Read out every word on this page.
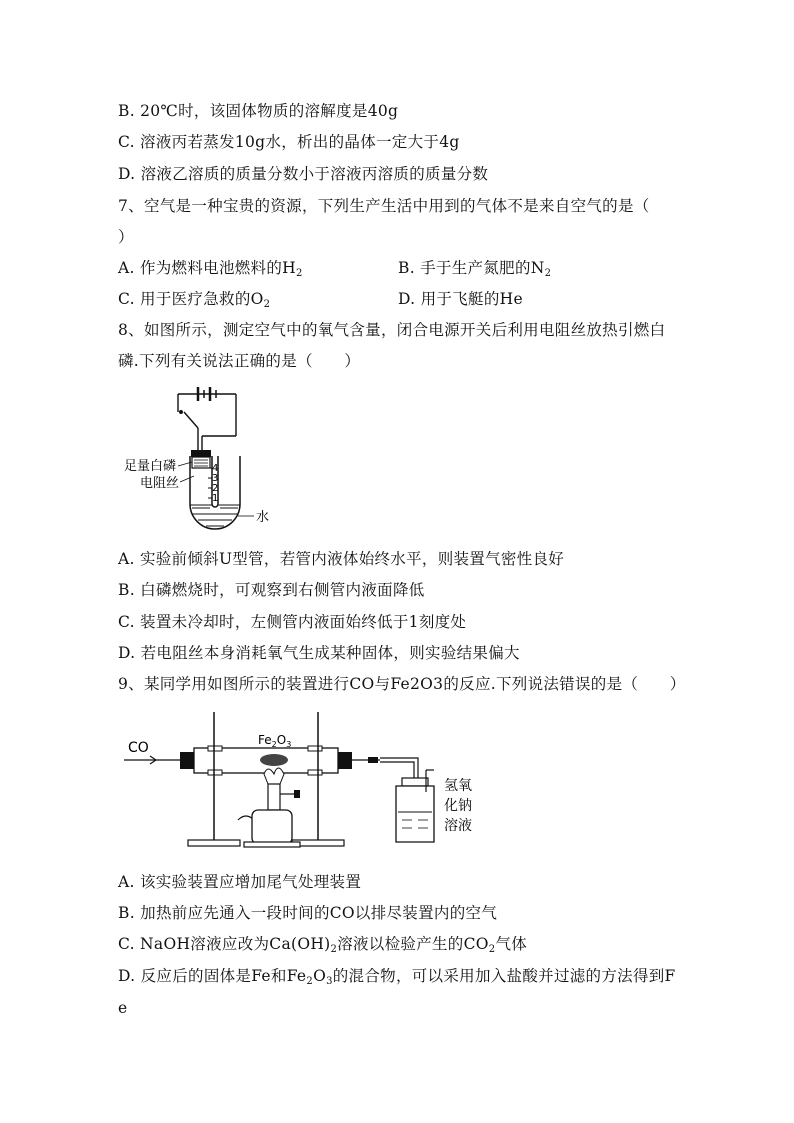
B. 20℃时，该固体物质的溶解度是40g
C. 溶液丙若蒸发10g水，析出的晶体一定大于4g
D. 溶液乙溶质的质量分数小于溶液丙溶质的质量分数
7、空气是一种宝贵的资源，下列生产生活中用到的气体不是来自空气的是（
）
A. 作为燃料电池燃料的$H_2$	B. 手于生产氮肥的$N_2$
C. 用于医疗急救的$O_2$	D. 用于飞艇的He
8、如图所示，测定空气中的氧气含量，闭合电源开关后利用电阻丝放热引燃白
磷.下列有关说法正确的是（　　）
4
3
2
1
足量白磷
电阻丝
水
A. 实验前倾斜U型管，若管内液体始终水平，则装置气密性良好
B. 白磷燃烧时，可观察到右侧管内液面降低
C. 装置未冷却时，左侧管内液面始终低于1刻度处
D. 若电阻丝本身消耗氧气生成某种固体，则实验结果偏大
9、某同学用如图所示的装置进行CO与Fe2O3的反应.下列说法错误的是（　　）
CO	$Fe_2O_3$
氢氧
化钠
溶液
A. 该实验装置应增加尾气处理装置
B. 加热前应先通入一段时间的CO以排尽装置内的空气
C. NaOH溶液应改为$Ca(OH)_2$溶液以检验产生的$CO_2$气体
D. 反应后的固体是Fe和$Fe_2O_3$的混合物，可以采用加入盐酸并过滤的方法得到F
e
